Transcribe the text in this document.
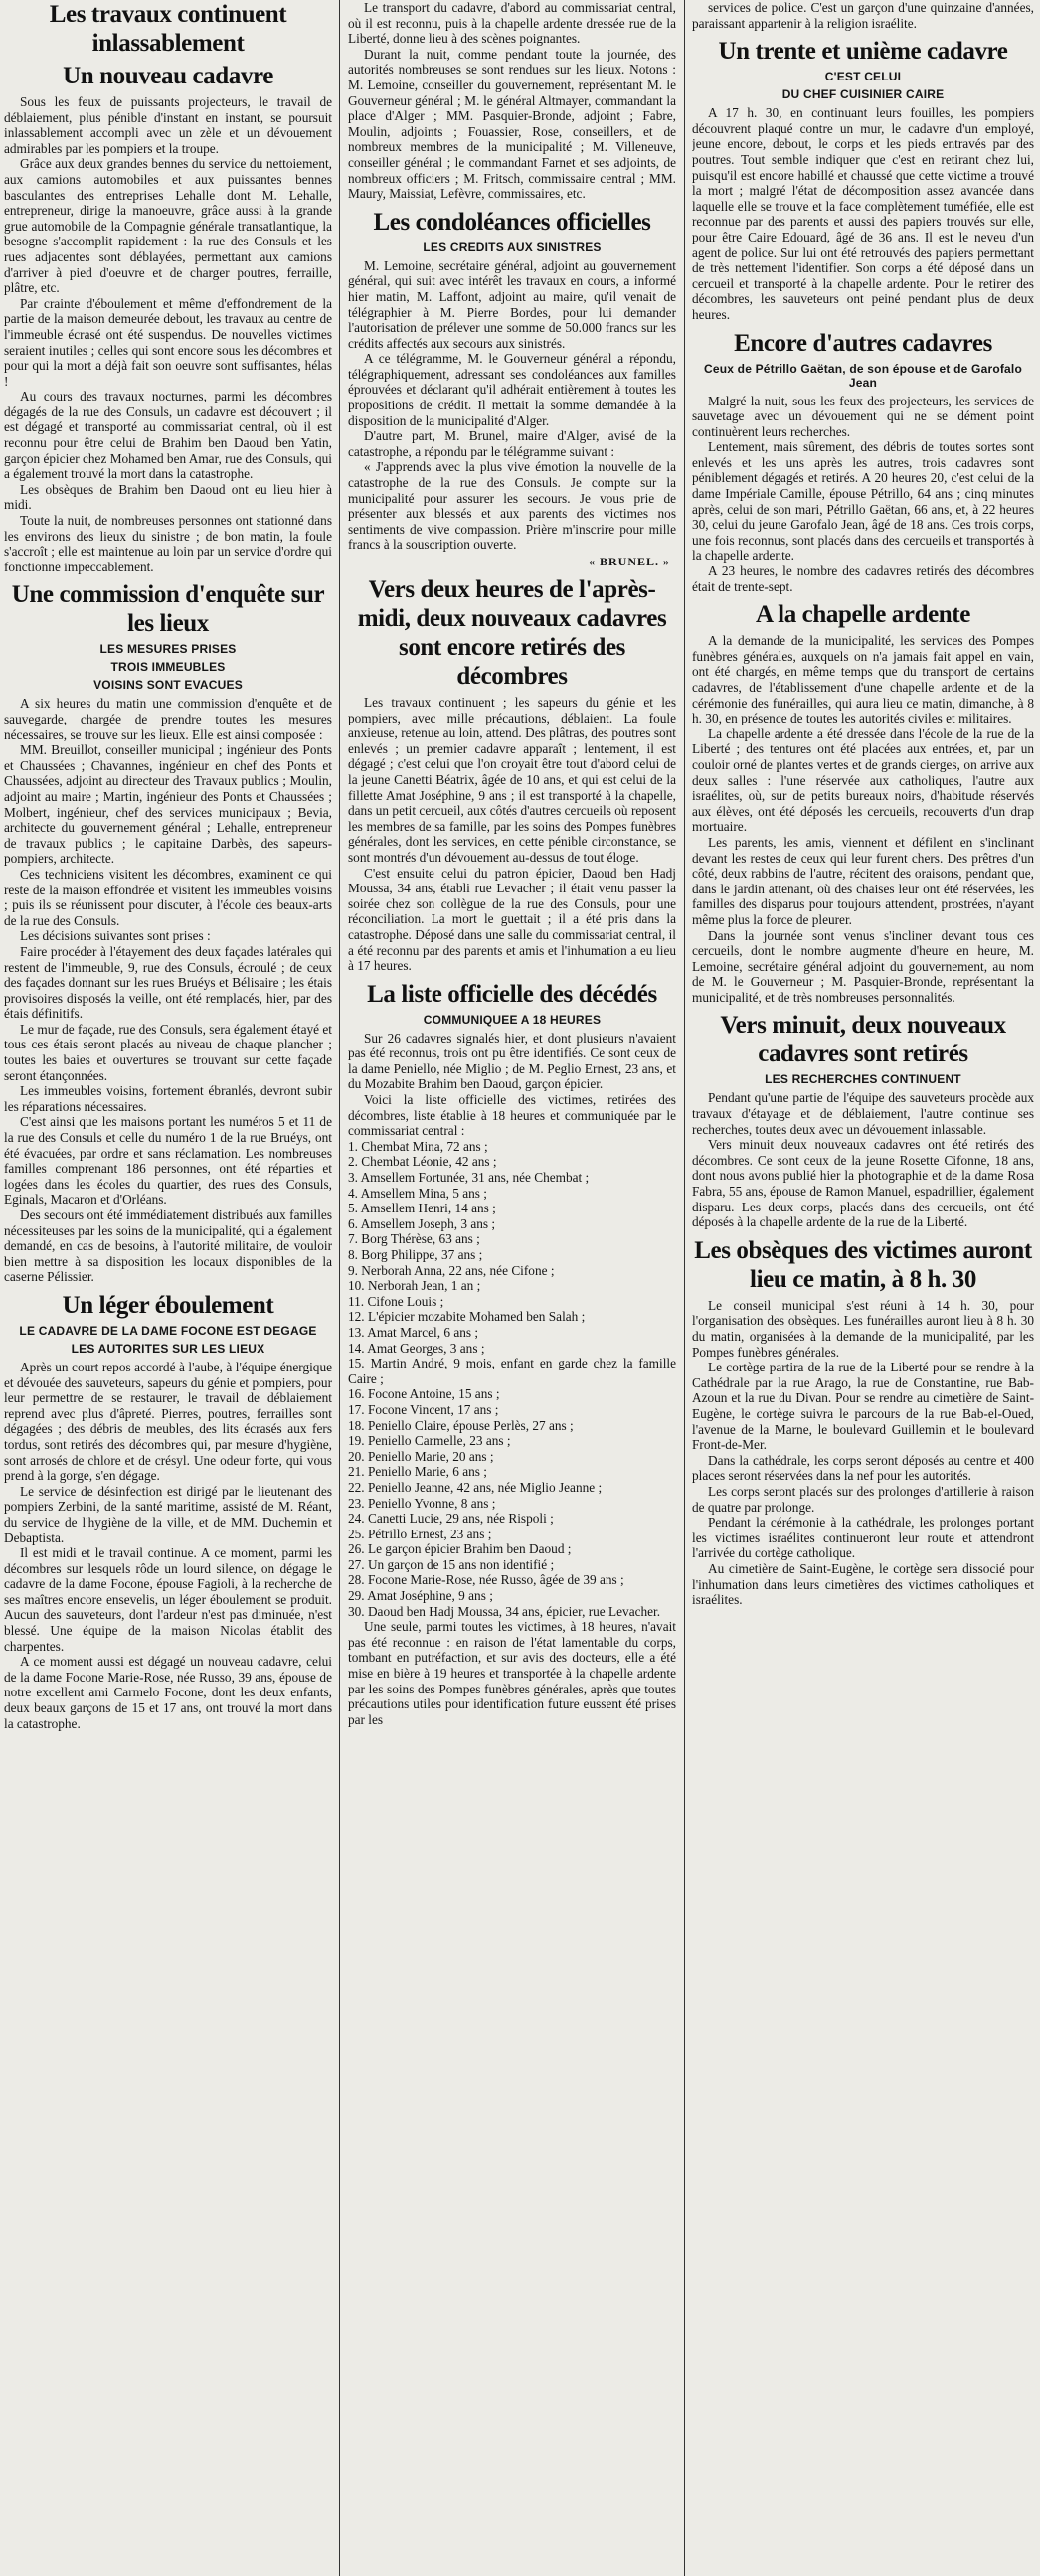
Les travaux continuent inlassablement
Un nouveau cadavre

Sous les feux de puissants projecteurs, le travail de déblaiement, plus pénible d'instant en instant, se poursuit inlassablement accompli avec un zèle et un dévouement admirables par les pompiers et la troupe.

Grâce aux deux grandes bennes du service du nettoiement, aux camions automobiles et aux puissantes bennes basculantes des entreprises Lehalle dont M. Lehalle, entrepreneur, dirige la manoeuvre, grâce aussi à la grande grue automobile de la Compagnie générale transatlantique, la besogne s'accomplit rapidement : la rue des Consuls et les rues adjacentes sont déblayées, permettant aux camions d'arriver à pied d'oeuvre et de charger poutres, ferraille, plâtre, etc.

Par crainte d'éboulement et même d'effondrement de la partie de la maison demeurée debout, les travaux au centre de l'immeuble écrasé ont été suspendus. De nouvelles victimes seraient inutiles ; celles qui sont encore sous les décombres et pour qui la mort a déjà fait son oeuvre sont suffisantes, hélas !

Au cours des travaux nocturnes, parmi les décombres dégagés de la rue des Consuls, un cadavre est découvert ; il est dégagé et transporté au commissariat central, où il est reconnu pour être celui de Brahim ben Daoud ben Yatin, garçon épicier chez Mohamed ben Amar, rue des Consuls, qui a également trouvé la mort dans la catastrophe.

Les obsèques de Brahim ben Daoud ont eu lieu hier à midi.

Toute la nuit, de nombreuses personnes ont stationné dans les environs des lieux du sinistre ; de bon matin, la foule s'accroît ; elle est maintenue au loin par un service d'ordre qui fonctionne impeccablement.

Une commission d'enquête sur les lieux
LES MESURES PRISES
TROIS IMMEUBLES
VOISINS SONT EVACUES

A six heures du matin une commission d'enquête et de sauvegarde, chargée de prendre toutes les mesures nécessaires, se trouve sur les lieux. Elle est ainsi composée :

MM. Breuillot, conseiller municipal ; ingénieur des Ponts et Chaussées ; Chavannes, ingénieur en chef des Ponts et Chaussées, adjoint au directeur des Travaux publics ; Moulin, adjoint au maire ; Martin, ingénieur des Ponts et Chaussées ; Molbert, ingénieur, chef des services municipaux ; Bevia, architecte du gouvernement général ; Lehalle, entrepreneur de travaux publics ; le capitaine Darbès, des sapeurs-pompiers, architecte.

Ces techniciens visitent les décombres, examinent ce qui reste de la maison effondrée et visitent les immeubles voisins ; puis ils se réunissent pour discuter, à l'école des beaux-arts de la rue des Consuls.

Les décisions suivantes sont prises :

Faire procéder à l'étayement des deux façades latérales qui restent de l'immeuble, 9, rue des Consuls, écroulé ; de ceux des façades donnant sur les rues Bruéys et Bélisaire ; les étais provisoires disposés la veille, ont été remplacés, hier, par des étais définitifs.

Le mur de façade, rue des Consuls, sera également étayé et tous ces étais seront placés au niveau de chaque plancher ; toutes les baies et ouvertures se trouvant sur cette façade seront étançonnées.

Les immeubles voisins, fortement ébranlés, devront subir les réparations nécessaires.

C'est ainsi que les maisons portant les numéros 5 et 11 de la rue des Consuls et celle du numéro 1 de la rue Bruéys, ont été évacuées, par ordre et sans réclamation. Les nombreuses familles comprenant 186 personnes, ont été réparties et logées dans les écoles du quartier, des rues des Consuls, Eginals, Macaron et d'Orléans.

Des secours ont été immédiatement distribués aux familles nécessiteuses par les soins de la municipalité, qui a également demandé, en cas de besoins, à l'autorité militaire, de vouloir bien mettre à sa disposition les locaux disponibles de la caserne Pélissier.

Un léger éboulement
LE CADAVRE DE LA DAME FOCONE EST DEGAGE
LES AUTORITES SUR LES LIEUX

Après un court repos accordé à l'aube, à l'équipe énergique et dévouée des sauveteurs, sapeurs du génie et pompiers, pour leur permettre de se restaurer, le travail de déblaiement reprend avec plus d'âpreté. Pierres, poutres, ferrailles sont dégagées ; des débris de meubles, des lits écrasés aux fers tordus, sont retirés des décombres qui, par mesure d'hygiène, sont arrosés de chlore et de crésyl. Une odeur forte, qui vous prend à la gorge, s'en dégage.

Le service de désinfection est dirigé par le lieutenant des pompiers Zerbini, de la santé maritime, assisté de M. Réant, du service de l'hygiène de la ville, et de MM. Duchemin et Debaptista.

Il est midi et le travail continue. A ce moment, parmi les décombres sur lesquels rôde un lourd silence, on dégage le cadavre de la dame Focone, épouse Fagioli, à la recherche de ses maîtres encore ensevelis, un léger éboulement se produit. Aucun des sauveteurs, dont l'ardeur n'est pas diminuée, n'est blessé. Une équipe de la maison Nicolas établit des charpentes.

A ce moment aussi est dégagé un nouveau cadavre, celui de la dame Focone Marie-Rose, née Russo, 39 ans, épouse de notre excellent ami Carmelo Focone, dont les deux enfants, deux beaux garçons de 15 et 17 ans, ont trouvé la mort dans la catastrophe.

Le transport du cadavre, d'abord au commissariat central, où il est reconnu, puis à la chapelle ardente dressée rue de la Liberté, donne lieu à des scènes poignantes.

Durant la nuit, comme pendant toute la journée, des autorités nombreuses se sont rendues sur les lieux. Notons : M. Lemoine, conseiller du gouvernement, représentant M. le Gouverneur général ; M. le général Altmayer, commandant la place d'Alger ; MM. Pasquier-Bronde, adjoint ; Fabre, Moulin, adjoints ; Fouassier, Rose, conseillers, et de nombreux membres de la municipalité ; M. Villeneuve, conseiller général ; le commandant Farnet et ses adjoints, de nombreux officiers ; M. Fritsch, commissaire central ; MM. Maury, Maissiat, Lefèvre, commissaires, etc.

Les condoléances officielles
LES CREDITS AUX SINISTRES

M. Lemoine, secrétaire général, adjoint au gouvernement général, qui suit avec intérêt les travaux en cours, a informé hier matin, M. Laffont, adjoint au maire, qu'il venait de télégraphier à M. Pierre Bordes, pour lui demander l'autorisation de prélever une somme de 50.000 francs sur les crédits affectés aux secours aux sinistrés.

A ce télégramme, M. le Gouverneur général a répondu, télégraphiquement, adressant ses condoléances aux familles éprouvées et déclarant qu'il adhérait entièrement à toutes les propositions de crédit. Il mettait la somme demandée à la disposition de la municipalité d'Alger.

D'autre part, M. Brunel, maire d'Alger, avisé de la catastrophe, a répondu par le télégramme suivant :

« J'apprends avec la plus vive émotion la nouvelle de la catastrophe de la rue des Consuls. Je compte sur la municipalité pour assurer les secours. Je vous prie de présenter aux blessés et aux parents des victimes nos sentiments de vive compassion. Prière m'inscrire pour mille francs à la souscription ouverte.

« BRUNEL. »
Vers deux heures de l'après-midi, deux nouveaux cadavres sont encore retirés des décombres

Les travaux continuent ; les sapeurs du génie et les pompiers, avec mille précautions, déblaient. La foule anxieuse, retenue au loin, attend. Des plâtras, des poutres sont enlevés ; un premier cadavre apparaît ; lentement, il est dégagé ; c'est celui que l'on croyait être tout d'abord celui de la jeune Canetti Béatrix, âgée de 10 ans, et qui est celui de la fillette Amat Joséphine, 9 ans ; il est transporté à la chapelle, dans un petit cercueil, aux côtés d'autres cercueils où reposent les membres de sa famille, par les soins des Pompes funèbres générales, dont les services, en cette pénible circonstance, se sont montrés d'un dévouement au-dessus de tout éloge.

C'est ensuite celui du patron épicier, Daoud ben Hadj Moussa, 34 ans, établi rue Levacher ; il était venu passer la soirée chez son collègue de la rue des Consuls, pour une réconciliation. La mort le guettait ; il a été pris dans la catastrophe. Déposé dans une salle du commissariat central, il a été reconnu par des parents et amis et l'inhumation a eu lieu à 17 heures.

La liste officielle des décédés
COMMUNIQUEE A 18 HEURES

Sur 26 cadavres signalés hier, et dont plusieurs n'avaient pas été reconnus, trois ont pu être identifiés. Ce sont ceux de la dame Peniello, née Miglio ; de M. Peglio Ernest, 23 ans, et du Mozabite Brahim ben Daoud, garçon épicier.

Voici la liste officielle des victimes, retirées des décombres, liste établie à 18 heures et communiquée par le commissariat central :

1. Chembat Mina, 72 ans ;
2. Chembat Léonie, 42 ans ;
3. Amsellem Fortunée, 31 ans, née Chembat ;
4. Amsellem Mina, 5 ans ;
5. Amsellem Henri, 14 ans ;
6. Amsellem Joseph, 3 ans ;
7. Borg Thérèse, 63 ans ;
8. Borg Philippe, 37 ans ;
9. Nerborah Anna, 22 ans, née Cifone ;
10. Nerborah Jean, 1 an ;
11. Cifone Louis ;
12. L'épicier mozabite Mohamed ben Salah ;
13. Amat Marcel, 6 ans ;
14. Amat Georges, 3 ans ;
15. Martin André, 9 mois, enfant en garde chez la famille Caire ;
16. Focone Antoine, 15 ans ;
17. Focone Vincent, 17 ans ;
18. Peniello Claire, épouse Perlès, 27 ans ;
19. Peniello Carmelle, 23 ans ;
20. Peniello Marie, 20 ans ;
21. Peniello Marie, 6 ans ;
22. Peniello Jeanne, 42 ans, née Miglio Jeanne ;
23. Peniello Yvonne, 8 ans ;
24. Canetti Lucie, 29 ans, née Rispoli ;
25. Pétrillo Ernest, 23 ans ;
26. Le garçon épicier Brahim ben Daoud ;
27. Un garçon de 15 ans non identifié ;
28. Focone Marie-Rose, née Russo, âgée de 39 ans ;
29. Amat Joséphine, 9 ans ;
30. Daoud ben Hadj Moussa, 34 ans, épicier, rue Levacher.

Une seule, parmi toutes les victimes, à 18 heures, n'avait pas été reconnue : en raison de l'état lamentable du corps, tombant en putréfaction, et sur avis des docteurs, elle a été mise en bière à 19 heures et transportée à la chapelle ardente par les soins des Pompes funèbres générales, après que toutes précautions utiles pour identification future eussent été prises par les

services de police. C'est un garçon d'une quinzaine d'années, paraissant appartenir à la religion israélite.

Un trente et unième cadavre
C'EST CELUI
DU CHEF CUISINIER CAIRE

A 17 h. 30, en continuant leurs fouilles, les pompiers découvrent plaqué contre un mur, le cadavre d'un employé, jeune encore, debout, le corps et les pieds entravés par des poutres. Tout semble indiquer que c'est en retirant chez lui, puisqu'il est encore habillé et chaussé que cette victime a trouvé la mort ; malgré l'état de décomposition assez avancée dans laquelle elle se trouve et la face complètement tuméfiée, elle est reconnue par des parents et aussi des papiers trouvés sur elle, pour être Caire Edouard, âgé de 36 ans. Il est le neveu d'un agent de police. Sur lui ont été retrouvés des papiers permettant de très nettement l'identifier. Son corps a été déposé dans un cercueil et transporté à la chapelle ardente. Pour le retirer des décombres, les sauveteurs ont peiné pendant plus de deux heures.

Encore d'autres cadavres
Ceux de Pétrillo Gaëtan, de son épouse et de Garofalo Jean

Malgré la nuit, sous les feux des projecteurs, les services de sauvetage avec un dévouement qui ne se dément point continuèrent leurs recherches.

Lentement, mais sûrement, des débris de toutes sortes sont enlevés et les uns après les autres, trois cadavres sont péniblement dégagés et retirés. A 20 heures 20, c'est celui de la dame Impériale Camille, épouse Pétrillo, 64 ans ; cinq minutes après, celui de son mari, Pétrillo Gaëtan, 66 ans, et, à 22 heures 30, celui du jeune Garofalo Jean, âgé de 18 ans. Ces trois corps, une fois reconnus, sont placés dans des cercueils et transportés à la chapelle ardente.

A 23 heures, le nombre des cadavres retirés des décombres était de trente-sept.

A la chapelle ardente

A la demande de la municipalité, les services des Pompes funèbres générales, auxquels on n'a jamais fait appel en vain, ont été chargés, en même temps que du transport de certains cadavres, de l'établissement d'une chapelle ardente et de la cérémonie des funérailles, qui aura lieu ce matin, dimanche, à 8 h. 30, en présence de toutes les autorités civiles et militaires.

La chapelle ardente a été dressée dans l'école de la rue de la Liberté ; des tentures ont été placées aux entrées, et, par un couloir orné de plantes vertes et de grands cierges, on arrive aux deux salles : l'une réservée aux catholiques, l'autre aux israélites, où, sur de petits bureaux noirs, d'habitude réservés aux élèves, ont été déposés les cercueils, recouverts d'un drap mortuaire.

Les parents, les amis, viennent et défilent en s'inclinant devant les restes de ceux qui leur furent chers. Des prêtres d'un côté, deux rabbins de l'autre, récitent des oraisons, pendant que, dans le jardin attenant, où des chaises leur ont été réservées, les familles des disparus pour toujours attendent, prostrées, n'ayant même plus la force de pleurer.

Dans la journée sont venus s'incliner devant tous ces cercueils, dont le nombre augmente d'heure en heure, M. Lemoine, secrétaire général adjoint du gouvernement, au nom de M. le Gouverneur ; M. Pasquier-Bronde, représentant la municipalité, et de très nombreuses personnalités.

Vers minuit, deux nouveaux cadavres sont retirés
LES RECHERCHES CONTINUENT

Pendant qu'une partie de l'équipe des sauveteurs procède aux travaux d'étayage et de déblaiement, l'autre continue ses recherches, toutes deux avec un dévouement inlassable.

Vers minuit deux nouveaux cadavres ont été retirés des décombres. Ce sont ceux de la jeune Rosette Cifonne, 18 ans, dont nous avons publié hier la photographie et de la dame Rosa Fabra, 55 ans, épouse de Ramon Manuel, espadrillier, également disparu. Les deux corps, placés dans des cercueils, ont été déposés à la chapelle ardente de la rue de la Liberté.

Les obsèques des victimes auront lieu ce matin, à 8 h. 30

Le conseil municipal s'est réuni à 14 h. 30, pour l'organisation des obsèques. Les funérailles auront lieu à 8 h. 30 du matin, organisées à la demande de la municipalité, par les Pompes funèbres générales.

Le cortège partira de la rue de la Liberté pour se rendre à la Cathédrale par la rue Arago, la rue de Constantine, rue Bab-Azoun et la rue du Divan. Pour se rendre au cimetière de Saint-Eugène, le cortège suivra le parcours de la rue Bab-el-Oued, l'avenue de la Marne, le boulevard Guillemin et le boulevard Front-de-Mer.

Dans la cathédrale, les corps seront déposés au centre et 400 places seront réservées dans la nef pour les autorités.

Les corps seront placés sur des prolonges d'artillerie à raison de quatre par prolonge.

Pendant la cérémonie à la cathédrale, les prolonges portant les victimes israélites continueront leur route et attendront l'arrivée du cortège catholique.

Au cimetière de Saint-Eugène, le cortège sera dissocié pour l'inhumation dans leurs cimetières des victimes catholiques et israélites.
